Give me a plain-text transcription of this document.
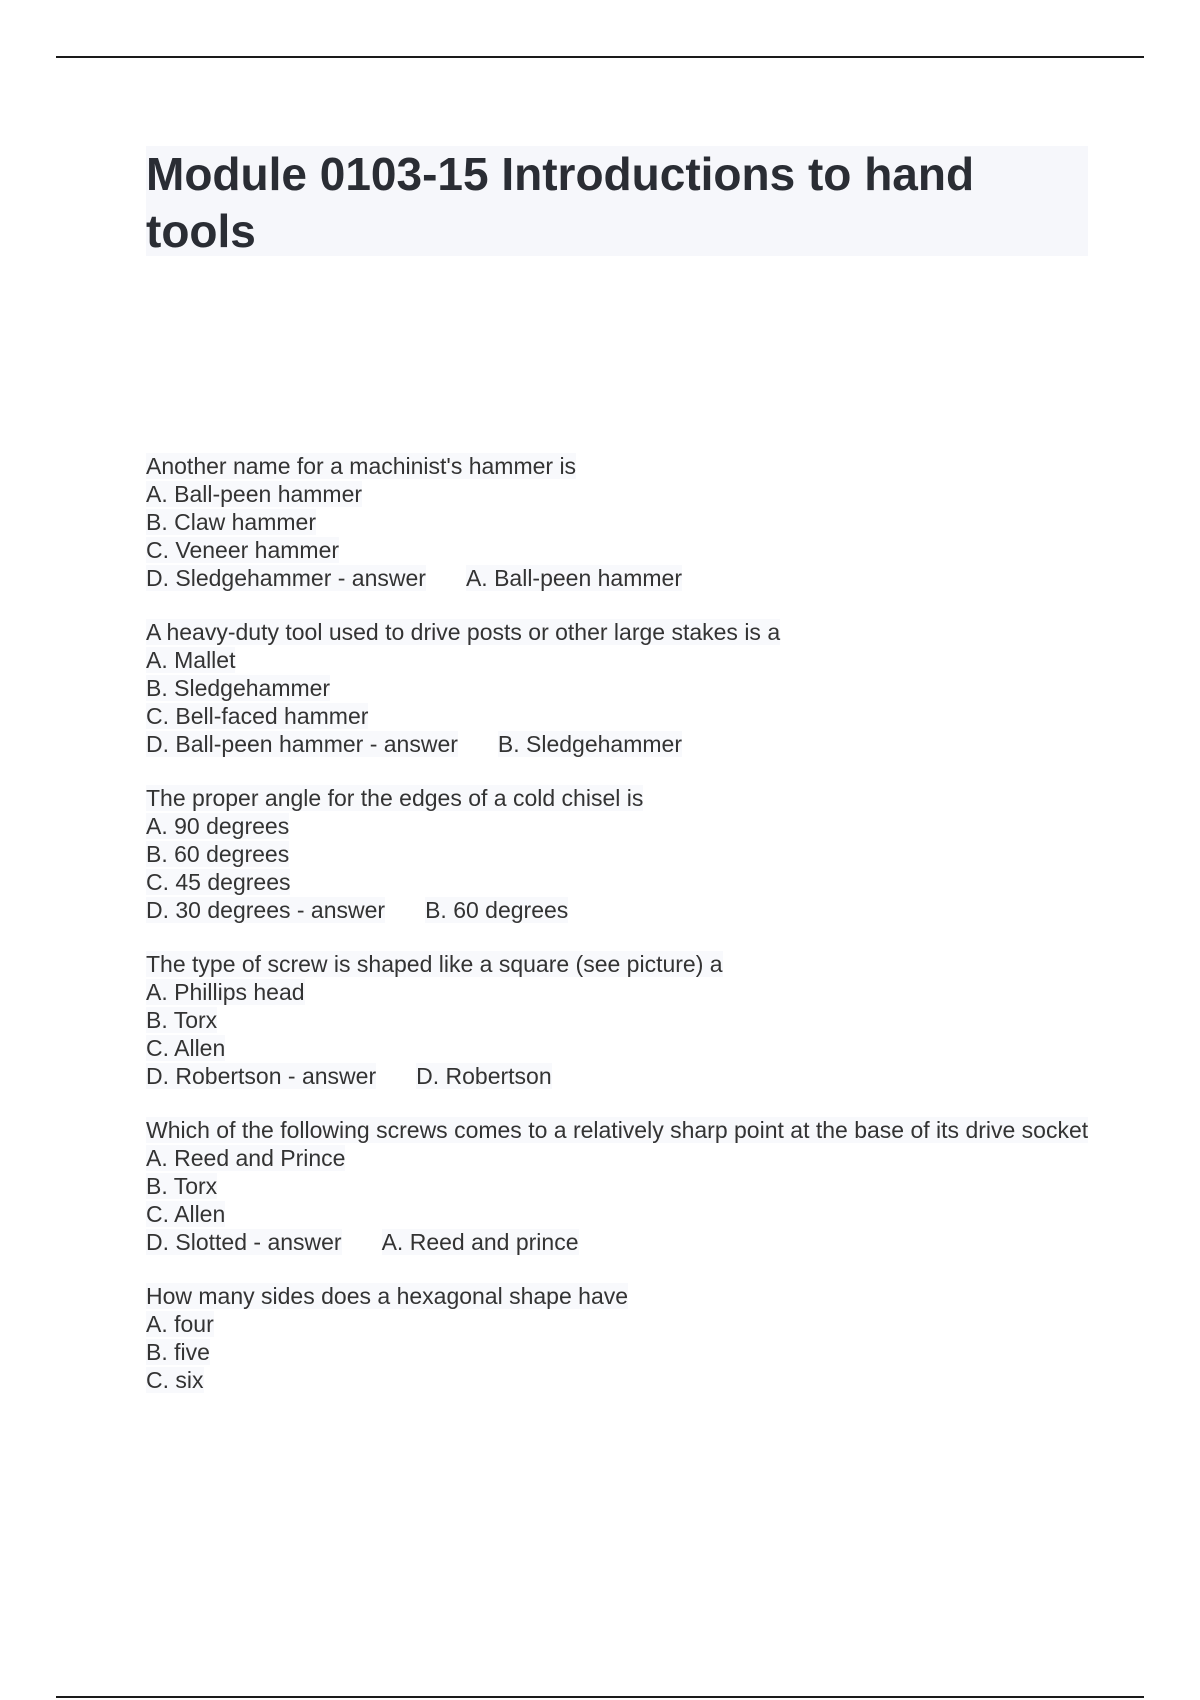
Module 0103-15 Introductions to hand tools
Another name for a machinist's hammer is
A. Ball-peen hammer
B. Claw hammer
C. Veneer hammer
D. Sledgehammer - answer A. Ball-peen hammer
A heavy-duty tool used to drive posts or other large stakes is a
A. Mallet
B. Sledgehammer
C. Bell-faced hammer
D. Ball-peen hammer - answer B. Sledgehammer
The proper angle for the edges of a cold chisel is
A. 90 degrees
B. 60 degrees
C. 45 degrees
D. 30 degrees - answer B. 60 degrees
The type of screw is shaped like a square (see picture) a
A. Phillips head
B. Torx
C. Allen
D. Robertson - answer D. Robertson
Which of the following screws comes to a relatively sharp point at the base of its drive socket
A. Reed and Prince
B. Torx
C. Allen
D. Slotted - answer A. Reed and prince
How many sides does a hexagonal shape have
A. four
B. five
C. six
